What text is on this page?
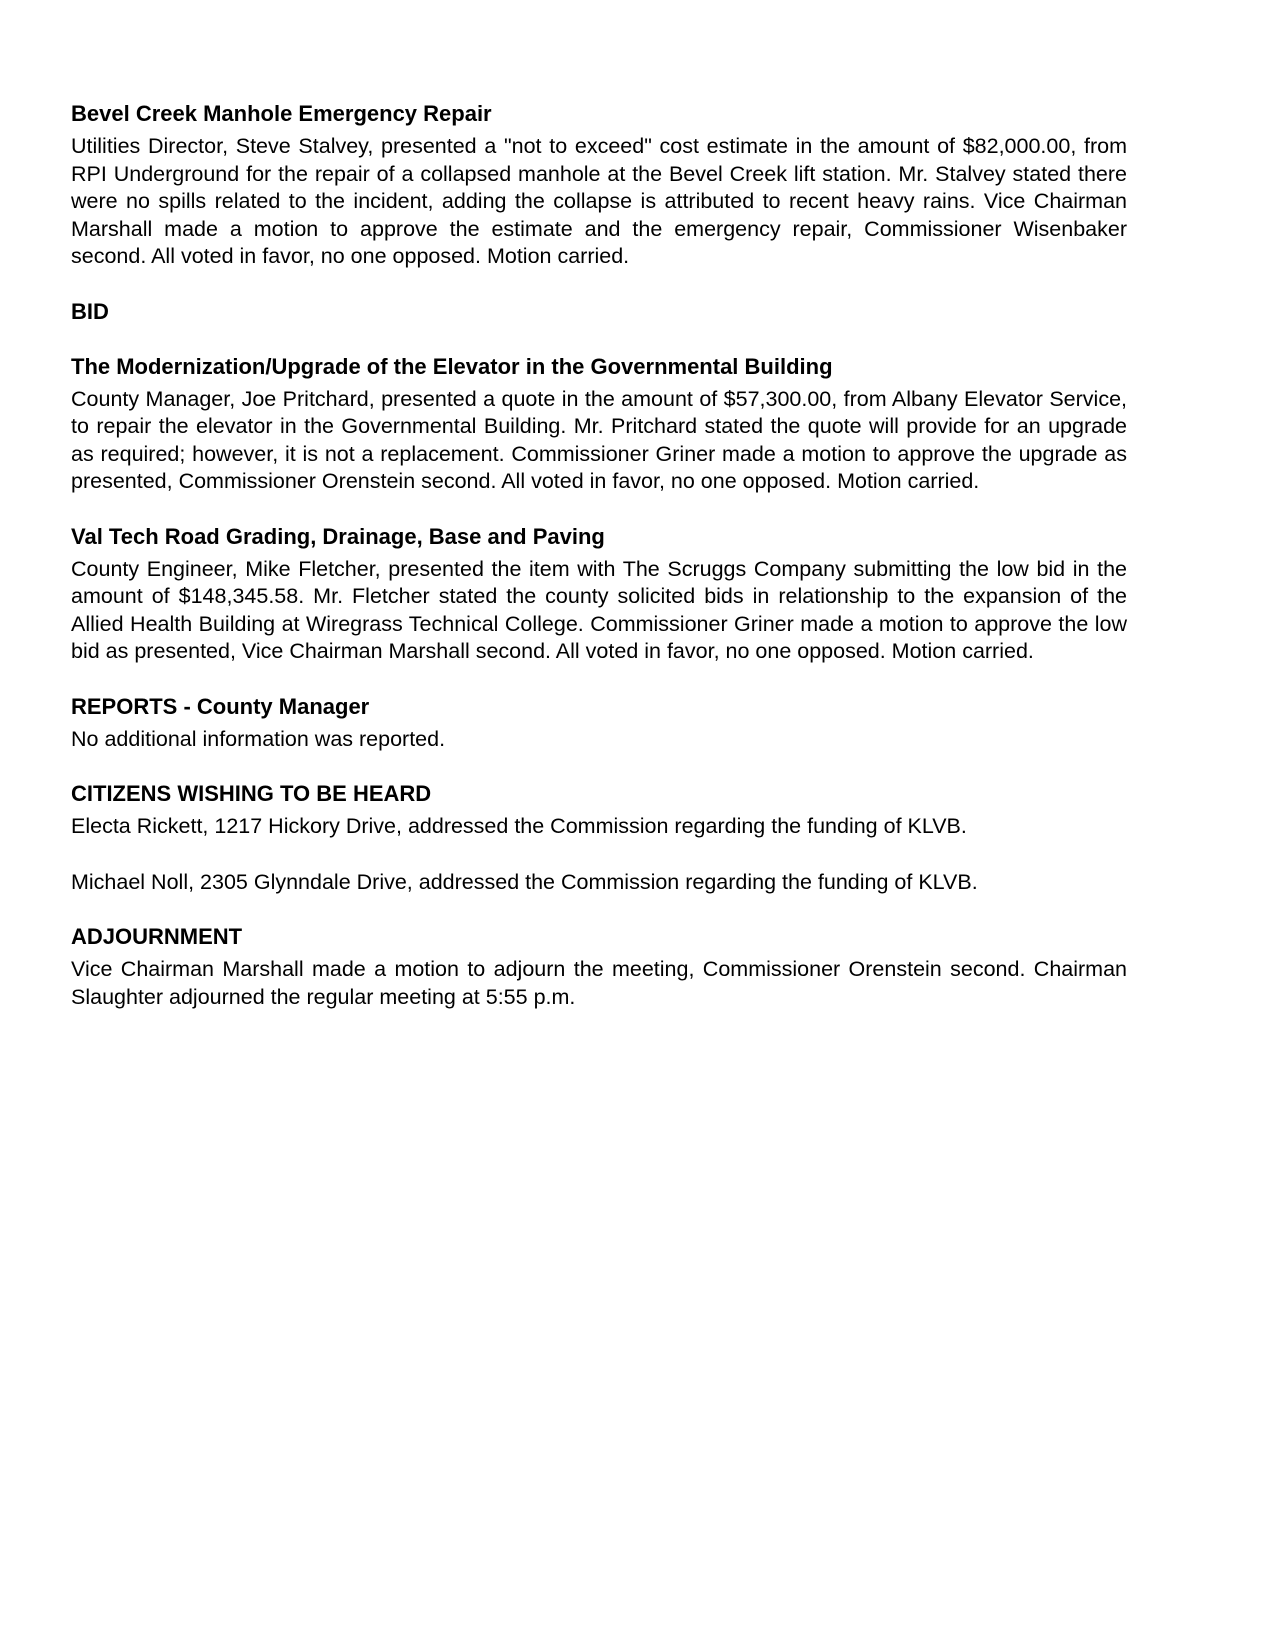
Bevel Creek Manhole Emergency Repair

Utilities Director, Steve Stalvey, presented a "not to exceed" cost estimate in the amount of $82,000.00, from RPI Underground for the repair of a collapsed manhole at the Bevel Creek lift station. Mr. Stalvey stated there were no spills related to the incident, adding the collapse is attributed to recent heavy rains. Vice Chairman Marshall made a motion to approve the estimate and the emergency repair, Commissioner Wisenbaker second. All voted in favor, no one opposed. Motion carried.

BID
The Modernization/Upgrade of the Elevator in the Governmental Building

County Manager, Joe Pritchard, presented a quote in the amount of $57,300.00, from Albany Elevator Service, to repair the elevator in the Governmental Building. Mr. Pritchard stated the quote will provide for an upgrade as required; however, it is not a replacement. Commissioner Griner made a motion to approve the upgrade as presented, Commissioner Orenstein second. All voted in favor, no one opposed. Motion carried.

Val Tech Road Grading, Drainage, Base and Paving

County Engineer, Mike Fletcher, presented the item with The Scruggs Company submitting the low bid in the amount of $148,345.58. Mr. Fletcher stated the county solicited bids in relationship to the expansion of the Allied Health Building at Wiregrass Technical College. Commissioner Griner made a motion to approve the low bid as presented, Vice Chairman Marshall second. All voted in favor, no one opposed. Motion carried.

REPORTS - County Manager

No additional information was reported.

CITIZENS WISHING TO BE HEARD

Electa Rickett, 1217 Hickory Drive, addressed the Commission regarding the funding of KLVB.

Michael Noll, 2305 Glynndale Drive, addressed the Commission regarding the funding of KLVB.

ADJOURNMENT

Vice Chairman Marshall made a motion to adjourn the meeting, Commissioner Orenstein second. Chairman Slaughter adjourned the regular meeting at 5:55 p.m.
